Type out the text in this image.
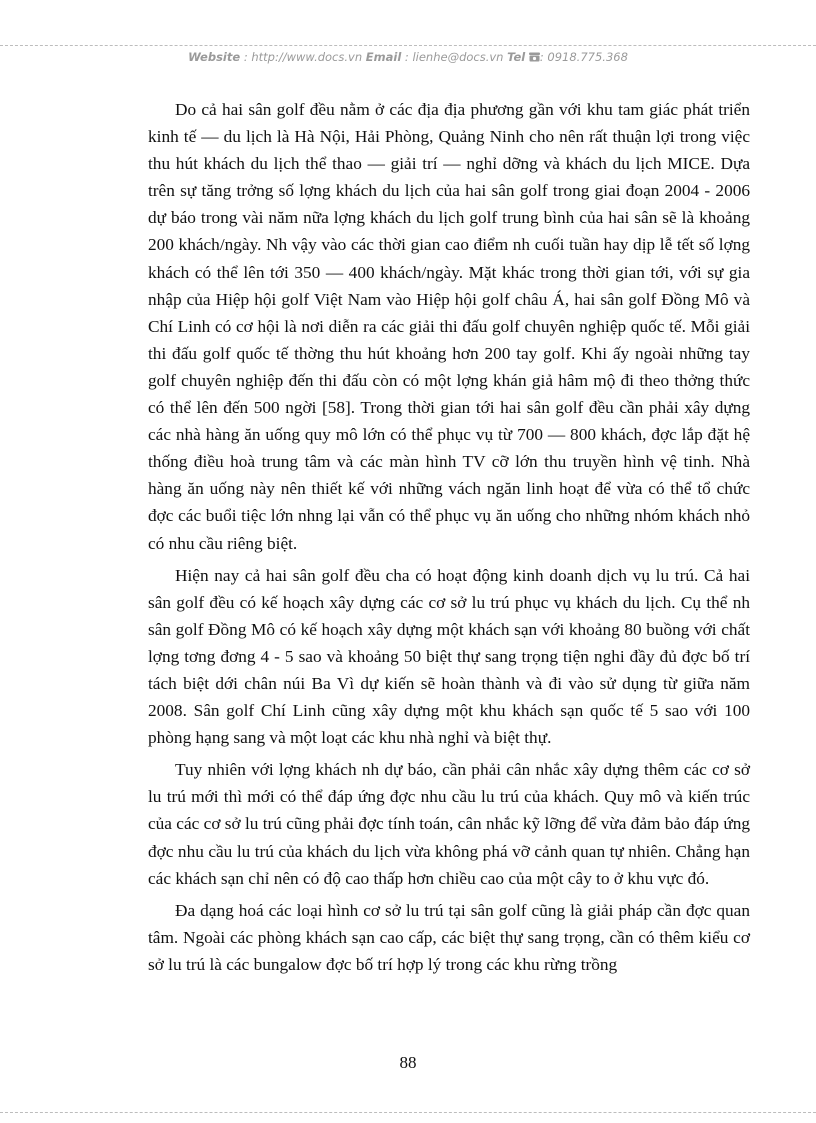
Website : http://www.docs.vn Email : lienhe@docs.vn Tel : 0918.775.368

Do cả hai sân golf đều nằm ở các địa địa phương gần với khu tam giác phát triển kinh tế — du lịch là Hà Nội, Hải Phòng, Quảng Ninh cho nên rất thuận lợi trong việc thu hút khách du lịch thể thao — giải trí — nghỉ dỡng và khách du lịch MICE. Dựa trên sự tăng trởng số lợng khách du lịch của hai sân golf trong giai đoạn 2004 - 2006 dự báo trong vài năm nữa lợng khách du lịch golf trung bình của hai sân sẽ là khoảng 200 khách/ngày. Nh vậy vào các thời gian cao điểm nh cuối tuần hay dịp lễ tết số lợng khách có thể lên tới 350 — 400 khách/ngày. Mặt khác trong thời gian tới, với sự gia nhập của Hiệp hội golf Việt Nam vào Hiệp hội golf châu Á, hai sân golf Đồng Mô và Chí Linh có cơ hội là nơi diễn ra các giải thi đấu golf chuyên nghiệp quốc tế. Mỗi giải thi đấu golf quốc tế thờng thu hút khoảng hơn 200 tay golf. Khi ấy ngoài những tay golf chuyên nghiệp đến thi đấu còn có một lợng khán giả hâm mộ đi theo thởng thức có thể lên đến 500 ngời [58]. Trong thời gian tới hai sân golf đều cần phải xây dựng các nhà hàng ăn uống quy mô lớn có thể phục vụ từ 700 — 800 khách, đợc lắp đặt hệ thống điều hoà trung tâm và các màn hình TV cỡ lớn thu truyền hình vệ tinh. Nhà hàng ăn uống này nên thiết kế với những vách ngăn linh hoạt để vừa có thể tổ chức đợc các buổi tiệc lớn nhng lại vẫn có thể phục vụ ăn uống cho những nhóm khách nhỏ có nhu cầu riêng biệt.

Hiện nay cả hai sân golf đều cha có hoạt động kinh doanh dịch vụ lu trú. Cả hai sân golf đều có kế hoạch xây dựng các cơ sở lu trú phục vụ khách du lịch. Cụ thể nh sân golf Đồng Mô có kế hoạch xây dựng một khách sạn với khoảng 80 buồng với chất lợng tơng đơng 4 - 5 sao và khoảng 50 biệt thự sang trọng tiện nghi đầy đủ đợc bố trí tách biệt dới chân núi Ba Vì dự kiến sẽ hoàn thành và đi vào sử dụng từ giữa năm 2008. Sân golf Chí Linh cũng xây dựng một khu khách sạn quốc tế 5 sao với 100 phòng hạng sang và một loạt các khu nhà nghỉ và biệt thự.

Tuy nhiên với lợng khách nh dự báo, cần phải cân nhắc xây dựng thêm các cơ sở lu trú mới thì mới có thể đáp ứng đợc nhu cầu lu trú của khách. Quy mô và kiến trúc của các cơ sở lu trú cũng phải đợc tính toán, cân nhắc kỹ lỡng để vừa đảm bảo đáp ứng đợc nhu cầu lu trú của khách du lịch vừa không phá vỡ cảnh quan tự nhiên. Chẳng hạn các khách sạn chỉ nên có độ cao thấp hơn chiều cao của một cây to ở khu vực đó.

Đa dạng hoá các loại hình cơ sở lu trú tại sân golf cũng là giải pháp cần đợc quan tâm. Ngoài các phòng khách sạn cao cấp, các biệt thự sang trọng, cần có thêm kiểu cơ sở lu trú là các bungalow đợc bố trí hợp lý trong các khu rừng trồng

88
